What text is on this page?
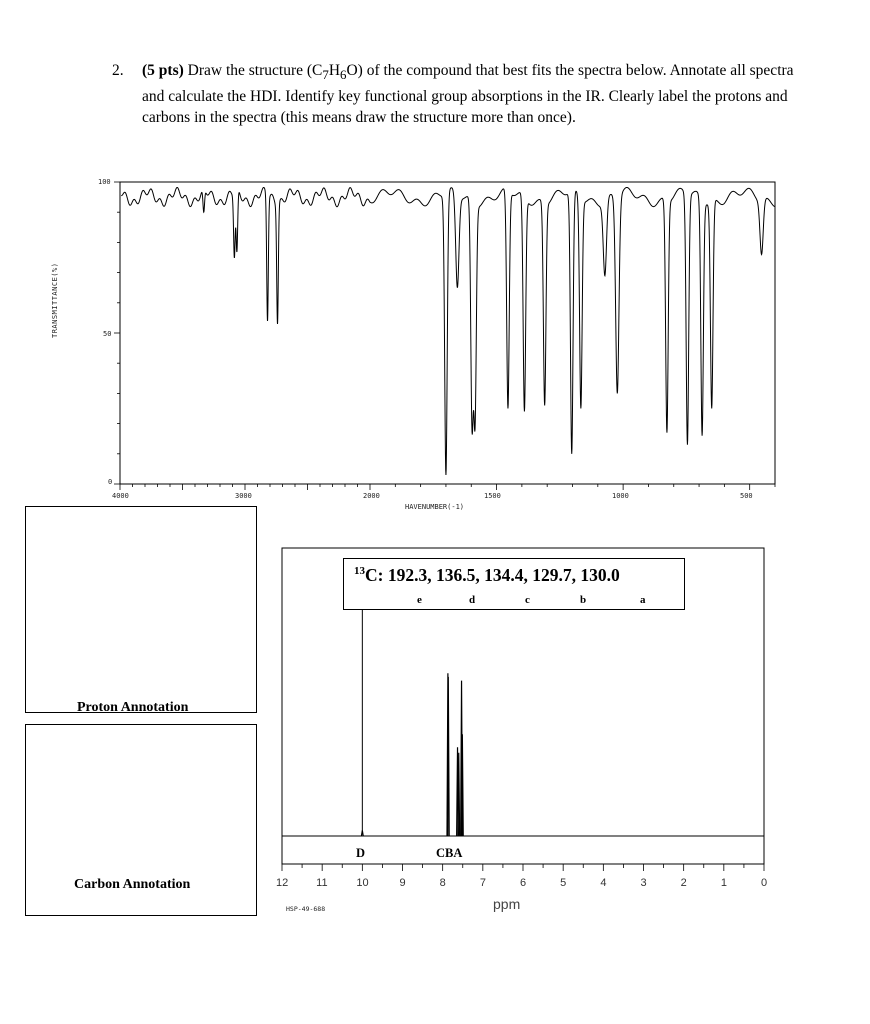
2. (5 pts) Draw the structure $(C_7H_6O)$ of the compound that best fits the spectra below. Annotate all spectra and calculate the HDI. Identify key functional group absorptions in the IR. Clearly label the protons and carbons in the spectra (this means draw the structure more than once).
TRANSMITTANCE(%)
100
50
0
4000	3000	2000	1500	1000	500
HAVENUMBER(-1)
Proton Annotation
Carbon Annotation
$^{13}$C: 192.3, 136.5, 134.4, 129.7, 130.0
e	d	c	b	a
D	CBA
12	11	10	9	8	7	6	5	4	3	2	1	0
ppm
HSP-49-688
